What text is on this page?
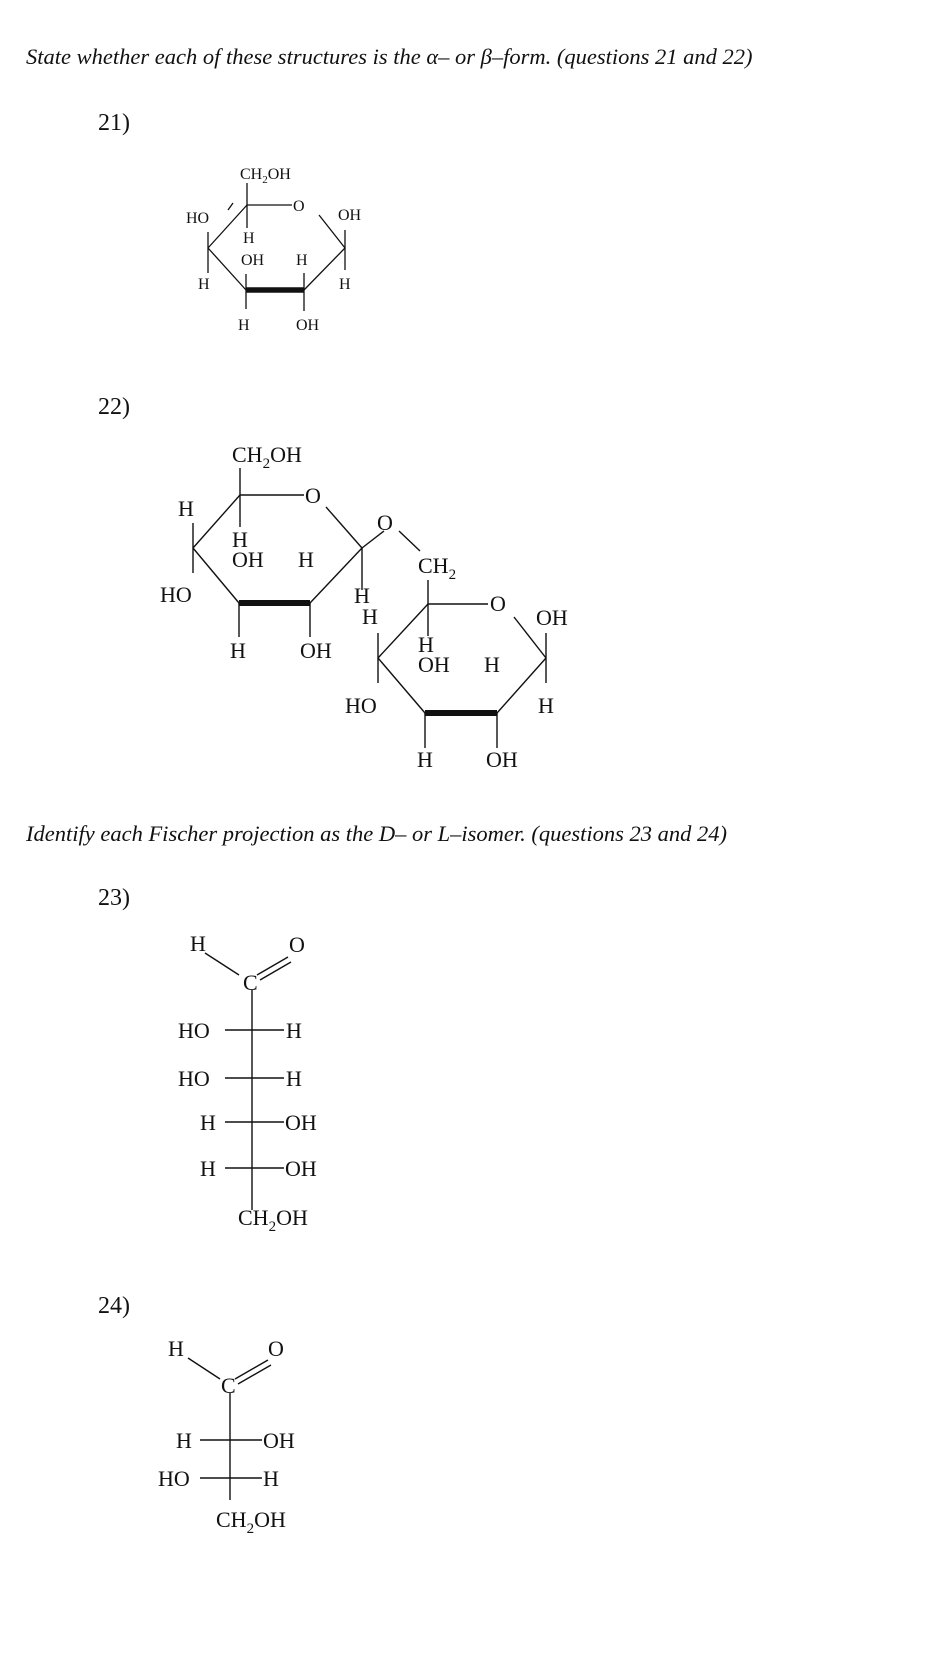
State whether each of these structures is the α– or β–form. (questions 21 and 22)

21)
22)

Identify each Fischer projection as the D– or L–isomer. (questions 23 and 24)

23)
24)
$CH_2OH$
O
HO	OH
H
OH H
H	H
H	OH
$CH_2OH$
O
H
O
H
OH H	$CH_2$
HO	H
H
O
OH
H OH	H
OH H
HO	H
H OH
H	O
C
HO	H
HO	H
H	OH
H	OH
$CH_2OH$
H	O
C
H	OH
HO	H
$CH_2OH$
